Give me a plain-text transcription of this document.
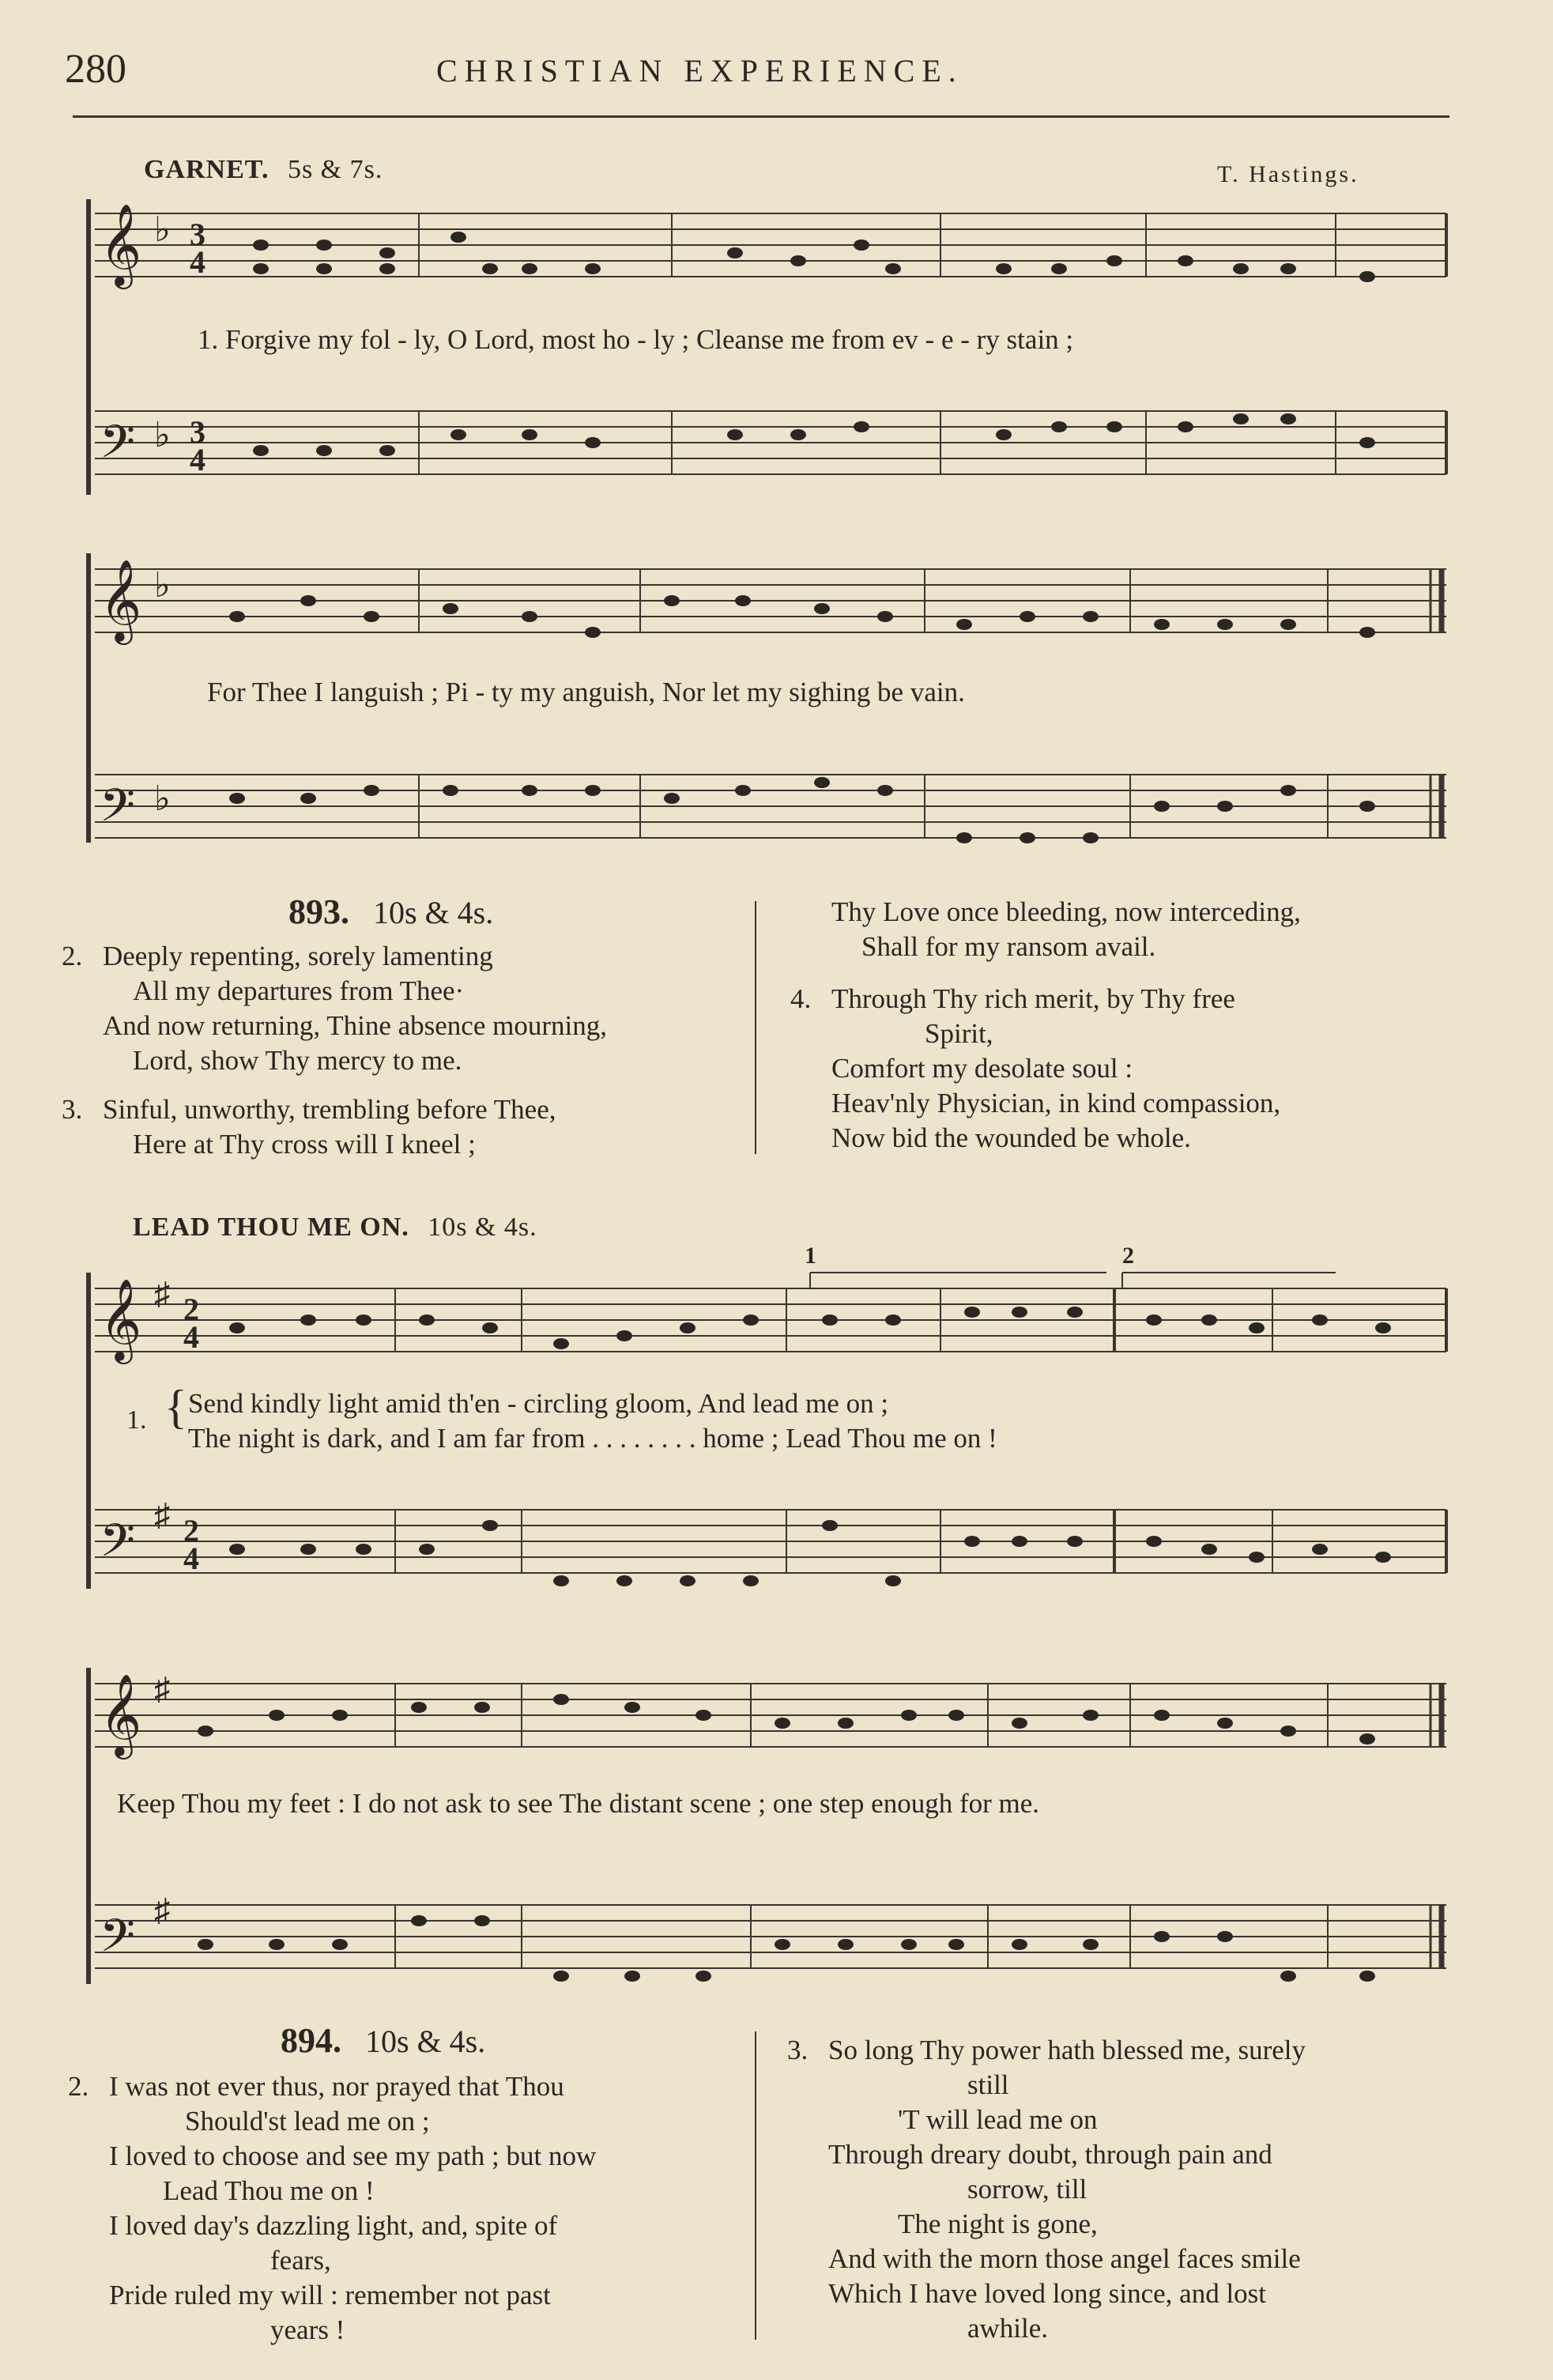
280	CHRISTIAN EXPERIENCE.
GARNET. 5s & 7s.	T. Hastings.
𝄞
𝄢
♭
♭
3
4
3
4
1. Forgive my fol - ly, O Lord, most ho - ly ; Cleanse me from ev - e - ry stain ;
𝄞
𝄢
♭
♭
For Thee I languish ; Pi - ty my anguish, Nor let my sighing be vain.
893. 10s & 4s.

2. Deeply repenting, sorely lamenting

All my departures from Thee·

And now returning, Thine absence mourning,

Lord, show Thy mercy to me.

3. Sinful, unworthy, trembling before Thee,

Here at Thy cross will I kneel ;

Thy Love once bleeding, now interceding,

Shall for my ransom avail.

4. Through Thy rich merit, by Thy free

Spirit,

Comfort my desolate soul :

Heav'nly Physician, in kind compassion,

Now bid the wounded be whole.

LEAD THOU ME ON. 10s & 4s.
𝄞
𝄢
♯
♯
2
4
2
4
1	2
1. { Send kindly light amid th'en - circling gloom, And lead me on ;
The night is dark, and I am far from . . . . . . . . home ; Lead Thou me on !
𝄞
𝄢
♯
♯
Keep Thou my feet : I do not ask to see The distant scene ; one step enough for me.
894. 10s & 4s.

2. I was not ever thus, nor prayed that Thou

Should'st lead me on ;

I loved to choose and see my path ; but now

Lead Thou me on !

I loved day's dazzling light, and, spite of

fears,

Pride ruled my will : remember not past

years !

3. So long Thy power hath blessed me, surely

still

'T will lead me on

Through dreary doubt, through pain and

sorrow, till

The night is gone,

And with the morn those angel faces smile

Which I have loved long since, and lost

awhile.
